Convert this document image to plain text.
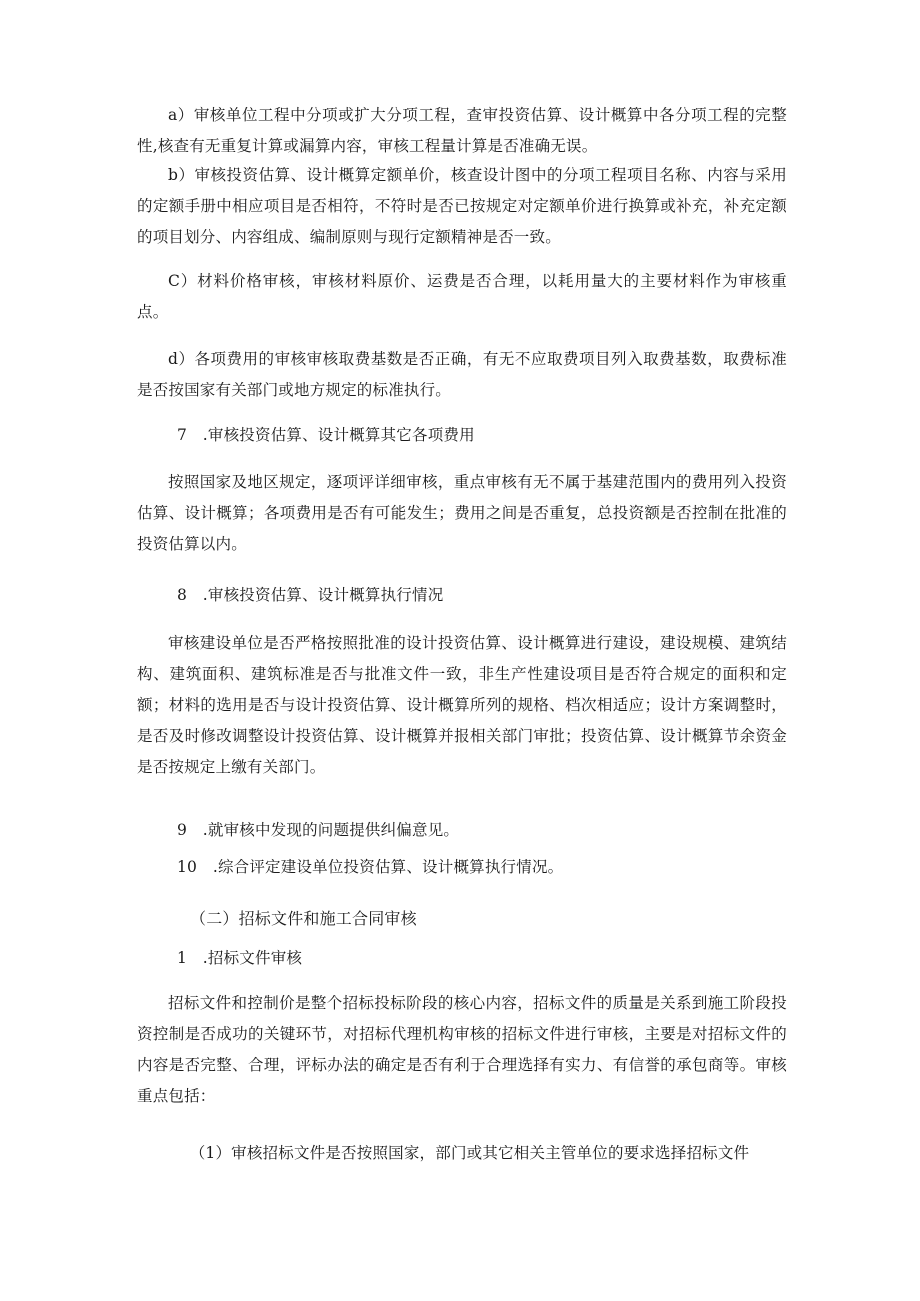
a）审核单位工程中分项或扩大分项工程，查审投资估算、设计概算中各分项工程的完整性,核查有无重复计算或漏算内容，审核工程量计算是否准确无误。

b）审核投资估算、设计概算定额单价，核查设计图中的分项工程项目名称、内容与采用的定额手册中相应项目是否相符，不符时是否已按规定对定额单价进行换算或补充，补充定额的项目划分、内容组成、编制原则与现行定额精神是否一致。

C）材料价格审核，审核材料原价、运费是否合理，以耗用量大的主要材料作为审核重点。

d）各项费用的审核审核取费基数是否正确，有无不应取费项目列入取费基数，取费标准是否按国家有关部门或地方规定的标准执行。

7　.审核投资估算、设计概算其它各项费用

按照国家及地区规定，逐项评详细审核，重点审核有无不属于基建范围内的费用列入投资估算、设计概算；各项费用是否有可能发生；费用之间是否重复，总投资额是否控制在批准的投资估算以内。

8　.审核投资估算、设计概算执行情况

审核建设单位是否严格按照批准的设计投资估算、设计概算进行建设，建设规模、建筑结构、建筑面积、建筑标准是否与批准文件一致，非生产性建设项目是否符合规定的面积和定额；材料的选用是否与设计投资估算、设计概算所列的规格、档次相适应；设计方案调整时，是否及时修改调整设计投资估算、设计概算并报相关部门审批；投资估算、设计概算节余资金是否按规定上缴有关部门。

9　.就审核中发现的问题提供纠偏意见。

10　.综合评定建设单位投资估算、设计概算执行情况。

（二）招标文件和施工合同审核

1　.招标文件审核

招标文件和控制价是整个招标投标阶段的核心内容，招标文件的质量是关系到施工阶段投资控制是否成功的关键环节，对招标代理机构审核的招标文件进行审核，主要是对招标文件的内容是否完整、合理，评标办法的确定是否有利于合理选择有实力、有信誉的承包商等。审核重点包括：

（1）审核招标文件是否按照国家，部门或其它相关主管单位的要求选择招标文件
